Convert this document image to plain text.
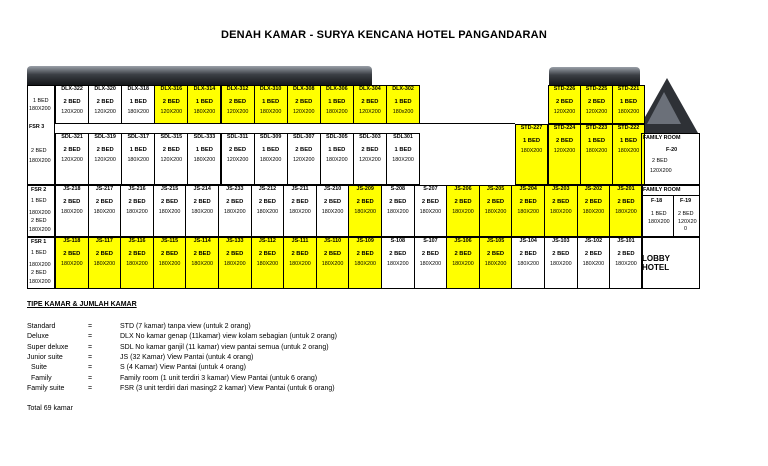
DENAH KAMAR - SURYA KENCANA HOTEL PANGANDARAN
DLX-322
2 BED
120X200
DLX-320
2 BED
120X200
DLX-318
1 BED
180X200
DLX-316
2 BED
120X200
DLX-314
1 BED
180X200
DLX-312
2 BED
120X200
DLX-310
1 BED
180X200
DLX-308
2 BED
120X200
DLX-306
1 BED
180X200
DLX-304
2 BED
120X200
DLX-302
1 BED
180x200
SDL-321
2 BED
120X200
SDL-319
2 BED
120X200
SDL-317
1 BED
180X200
SDL-315
2 BED
120X200
SDL-333
1 BED
180X200
SDL-311
2 BED
120X200
SDL-309
1 BED
180X200
SDL-307
2 BED
120X200
SDL-305
1 BED
180X200
SDL-303
2 BED
120X200
SDL301
1 BED
180X200
STD-226
2 BED
120X200
STD-225
2 BED
120X200
STD-221
1 BED
180X200
STD-227
1 BED
180X200
STD-224
2 BED
120X200
STD-223
1 BED
180X200
STD-222
1 BED
180X200
JS-218
2 BED
180X200
JS-217
2 BED
180X200
JS-216
2 BED
180X200
JS-215
2 BED
180X200
JS-214
2 BED
180X200
JS-233
2 BED
180X200
JS-212
2 BED
180X200
JS-211
2 BED
180X200
JS-210
2 BED
180X200
JS-209
2 BED
180X200
S-208
2 BED
180X200
S-207
2 BED
180X200
JS-206
2 BED
180X200
JS-205
2 BED
180X200
JS-204
2 BED
180X200
JS-203
2 BED
180X200
JS-202
2 BED
180X200
JS-201
2 BED
180X200
JS-118
2 BED
180X200
JS-117
2 BED
180X200
JS-116
2 BED
180X200
JS-115
2 BED
180X200
JS-114
2 BED
180X200
JS-133
2 BED
180X200
JS-112
2 BED
180X200
JS-111
2 BED
180X200
JS-110
2 BED
180X200
JS-109
2 BED
180X200
S-108
2 BED
180X200
S-107
2 BED
180X200
JS-106
2 BED
180X200
JS-105
2 BED
180X200
JS-104
2 BED
180X200
JS-103
2 BED
180X200
JS-102
2 BED
180X200
JS-101
2 BED
180X200
1 BED
180X200
FSR 3
2 BED
180X200
FSR 2
1 BED
180X200
2 BED
180X200
FSR 1
1 BED
180X200
2 BED
180X200
FAMILY ROOM
F-20
2 BED
120X200
FAMILY ROOM
F-18	F-19
1 BED
180X200
2 BED
120X20
0
LOBBY HOTEL
TIPE KAMAR & JUMLAH KAMAR
Standard	=	STD (7 kamar) tanpa view (untuk 2 orang)
Deluxe	=	DLX No kamar genap (11kamar) view kolam sebagian (untuk 2 orang)
Super deluxe	=	SDL No kamar ganjil (11 kamar) view pantai semua (untuk 2 orang)
Junior suite	=	JS (32 Kamar) View Pantai (untuk 4 orang)
Suite	=	S (4 Kamar) View Pantai (untuk 4 orang)
Family	=	Family room (1 unit terdiri 3 kamar) View Pantai (untuk 6 orang)
Family suite	=	FSR (3 unit terdiri dari masing2 2 kamar) View Pantai (untuk 6 orang)
Total 69 kamar
